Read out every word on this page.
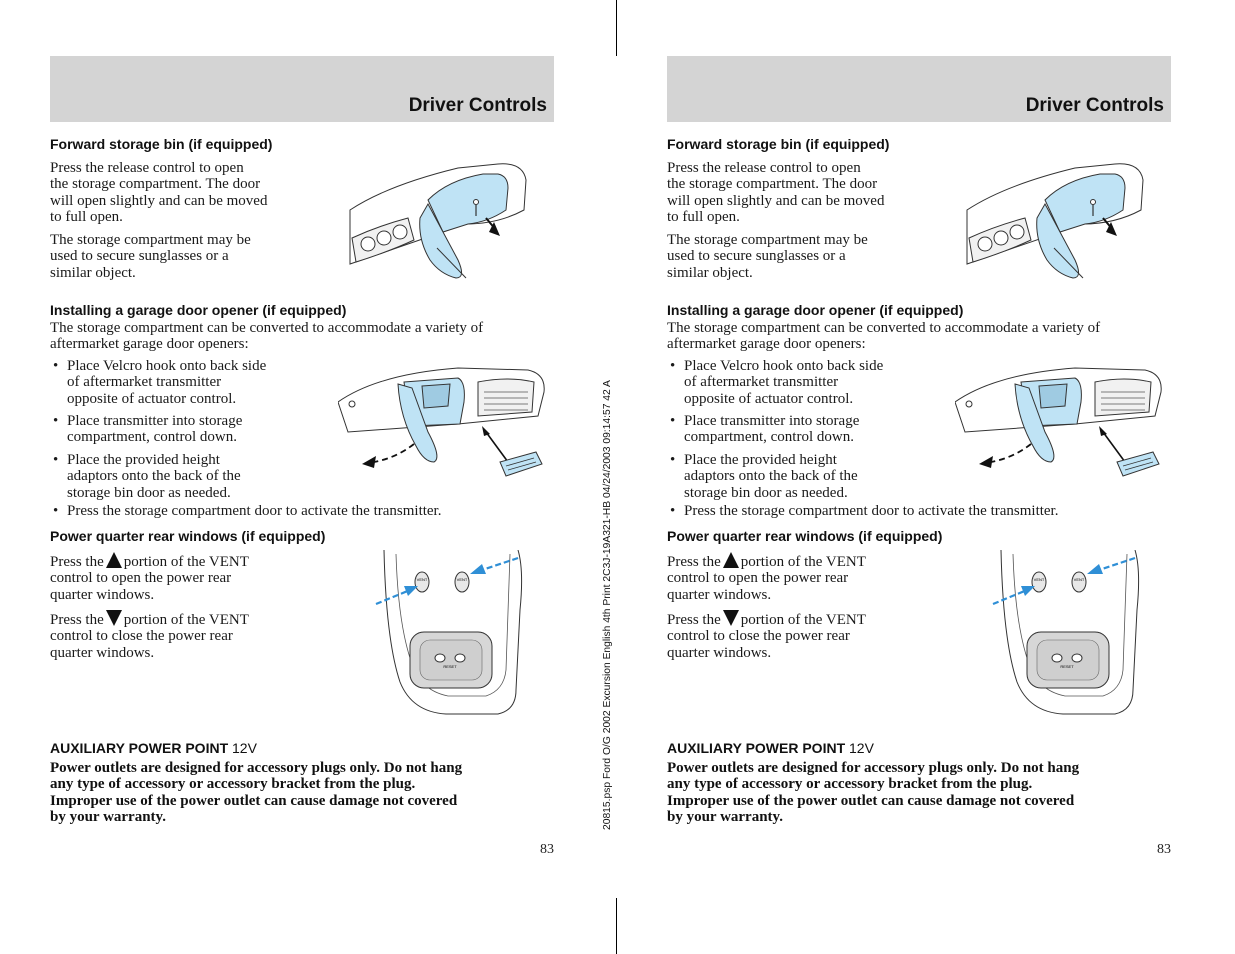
20815.psp Ford O/G 2002 Excursion English 4th Print 2C3J-19A321-HB 04/24/2003 09:14:57 42 A
Driver Controls
Forward storage bin (if equipped)
Press the release control to open
the storage compartment. The door
will open slightly and can be moved
to full open.
The storage compartment may be
used to secure sunglasses or a
similar object.
Installing a garage door opener (if equipped)
The storage compartment can be converted to accommodate a variety of
aftermarket garage door openers:
• Place Velcro hook onto back side
of aftermarket transmitter
opposite of actuator control.
• Place transmitter into storage
compartment, control down.
• Place the provided height
adaptors onto the back of the
storage bin door as needed.
• Press the storage compartment door to activate the transmitter.
Power quarter rear windows (if equipped)
Press the portion of the VENT
control to open the power rear
quarter windows.
Press the portion of the VENT
control to close the power rear
quarter windows.
VENT	VENT
RESET
AUXILIARY POWER POINT 12V
Power outlets are designed for accessory plugs only. Do not hang
any type of accessory or accessory bracket from the plug.
Improper use of the power outlet can cause damage not covered
by your warranty.
83
Driver Controls
Forward storage bin (if equipped)
Press the release control to open
the storage compartment. The door
will open slightly and can be moved
to full open.
The storage compartment may be
used to secure sunglasses or a
similar object.
Installing a garage door opener (if equipped)
The storage compartment can be converted to accommodate a variety of
aftermarket garage door openers:
• Place Velcro hook onto back side
of aftermarket transmitter
opposite of actuator control.
• Place transmitter into storage
compartment, control down.
• Place the provided height
adaptors onto the back of the
storage bin door as needed.
• Press the storage compartment door to activate the transmitter.
Power quarter rear windows (if equipped)
Press the portion of the VENT
control to open the power rear
quarter windows.
Press the portion of the VENT
control to close the power rear
quarter windows.
VENT	VENT
RESET
AUXILIARY POWER POINT 12V
Power outlets are designed for accessory plugs only. Do not hang
any type of accessory or accessory bracket from the plug.
Improper use of the power outlet can cause damage not covered
by your warranty.
83
